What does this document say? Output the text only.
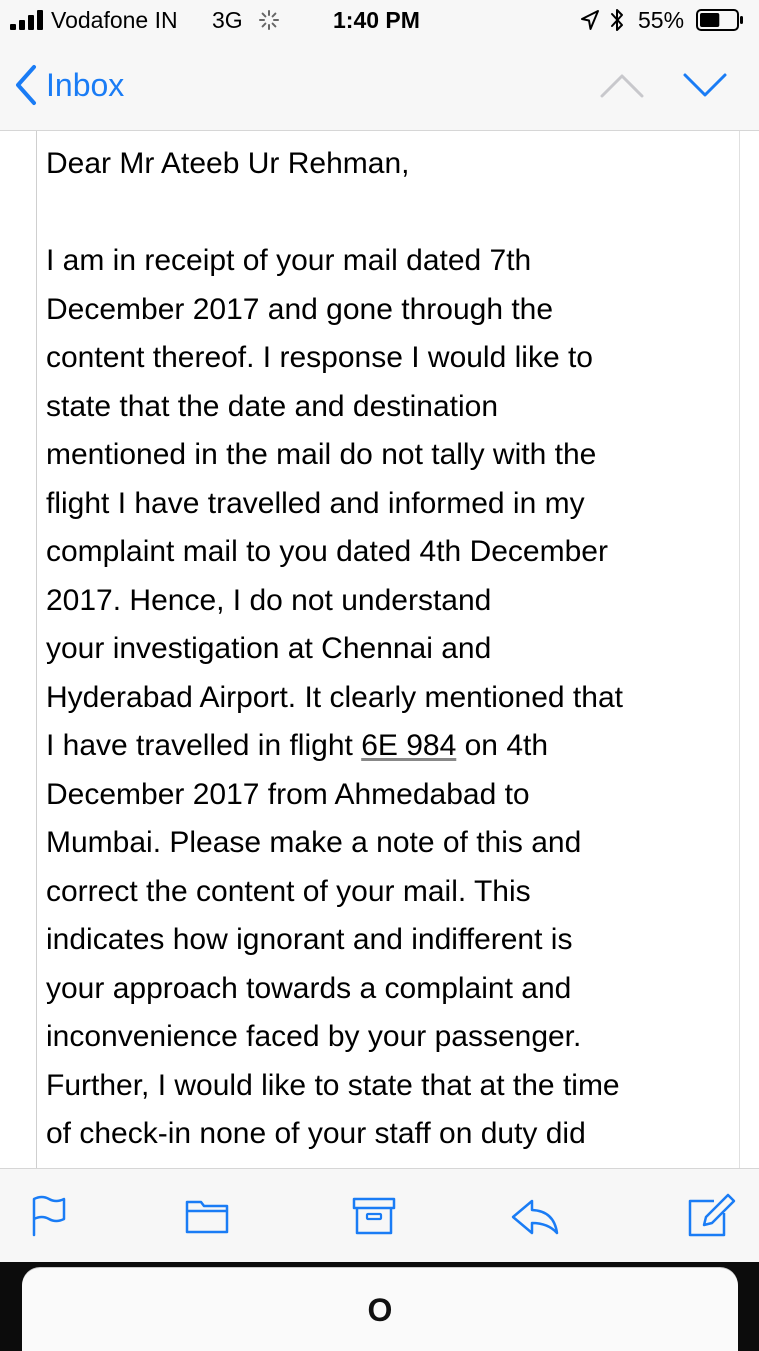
Vodafone IN 3G	1:40 PM	55%
Inbox
Dear Mr Ateeb Ur Rehman,

I am in receipt of your mail dated 7th
December 2017 and gone through the
content thereof. I response I would like to
state that the date and destination
mentioned in the mail do not tally with the
flight I have travelled and informed in my
complaint mail to you dated 4th December
2017. Hence, I do not understand
your investigation at Chennai and
Hyderabad Airport. It clearly mentioned that
I have travelled in flight 6E 984 on 4th
December 2017 from Ahmedabad to
Mumbai. Please make a note of this and
correct the content of your mail. This
indicates how ignorant and indifferent is
your approach towards a complaint and
inconvenience faced by your passenger.
Further, I would like to state that at the time
of check-in none of your staff on duty did

O
